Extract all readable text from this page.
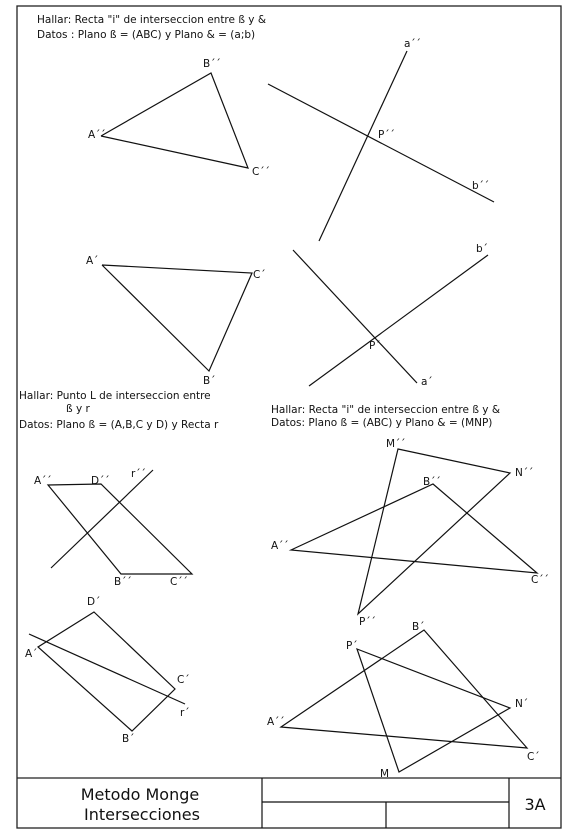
Hallar: Recta "i" de interseccion entre ß y &
Datos : Plano ß = (ABC) y Plano & = (a;b)
B´´
A´´
C´´
a´´
b´´
P´´
A´
C´
B´
b´
a´
P´
Hallar: Punto L de interseccion entre
ß y r
Datos: Plano ß = (A,B,C y D) y Recta r
A´´	D´´
r´´
B´´	C´´
D´
A´
C´
r´
B´
Hallar: Recta "i" de interseccion entre ß y &
Datos: Plano ß = (ABC) y Plano & = (MNP)
M´´
N´´
B´´
A´´
C´´
P´´
P´
B´
N´
A´´
C´
M
Metodo Monge
Intersecciones
3A
